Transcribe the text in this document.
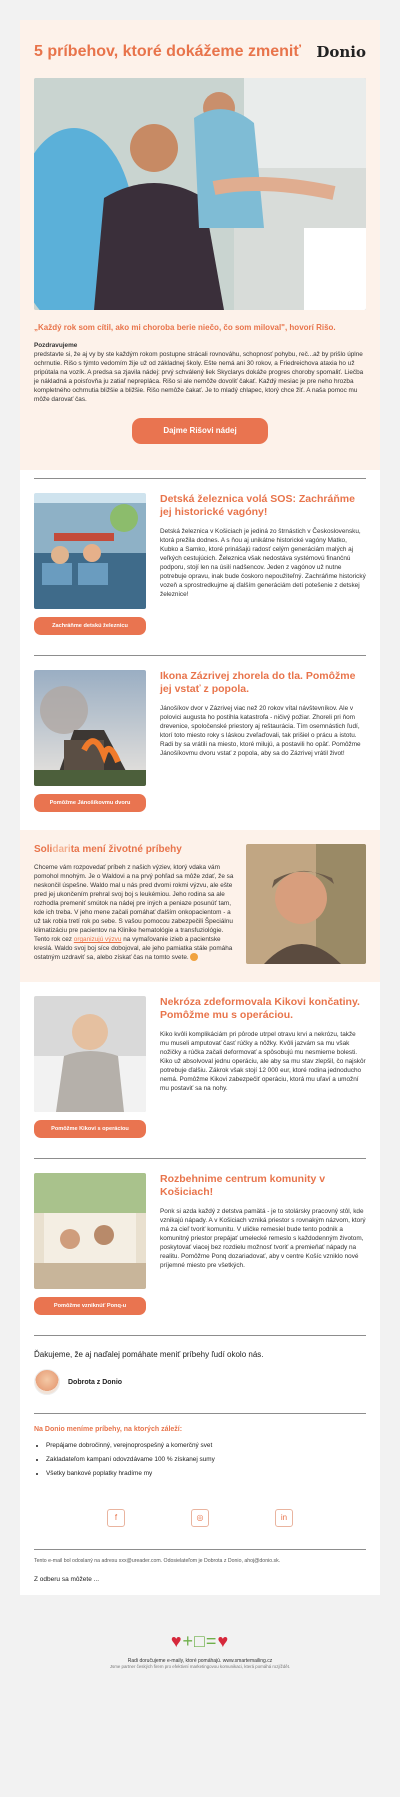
5 príbehov, ktoré dokážeme zmeniť Donio

„Každý rok som cítil, ako mi choroba berie niečo, čo som miloval", hovorí Rišo.

Pozdravujeme
predstavte si, že aj vy by ste každým rokom postupne strácali rovnováhu, schopnosť pohybu, reč...až by prišlo úplne ochrnutie. Rišo s týmto vedomím žije už od základnej školy. Ešte nemá ani 30 rokov, a Friedreichova ataxia ho už pripútala na vozík. A predsa sa zjavila nádej: prvý schválený liek Skyclarys dokáže progres choroby spomaliť. Liečba je nákladná a poisťovňa ju zatiaľ neprepláca. Rišo si ale nemôže dovoliť čakať. Každý mesiac je pre neho hrozba kompletného ochrnutia bližšie a bližšie. Rišo nemôže čakať. Je to mladý chlapec, ktorý chce žiť. A naša pomoc mu môže darovať čas.
Dajme Rišovi nádej
Zachráňme detskú železnicu
Detská železnica volá SOS: Zachráňme jej historické vagóny!
Detská železnica v Košiciach je jediná zo štrnástich v Československu, ktorá prežila dodnes. A s ňou aj unikátne historické vagóny Matko, Kubko a Samko, ktoré prinášajú radosť celým generáciám malých aj veľkých cestujúcich. Železnica však nedostáva systémovú finančnú podporu, stojí len na úsilí nadšencov. Jeden z vagónov už nutne potrebuje opravu, inak bude čoskoro nepoužiteľný. Zachráňme historický vozeň a sprostredkujme aj ďalším generáciám detí potešenie z detskej železnice!
Pomôžme Jánošíkovmu dvoru
Ikona Zázrivej zhorela do tla. Pomôžme jej vstať z popola.
Jánošíkov dvor v Zázrivej viac než 20 rokov vítal návštevníkov. Ale v polovici augusta ho postihla katastrofa - ničivý požiar. Zhoreli pri ňom drevenice, spoločenské priestory aj reštaurácia. Tím osemnástich ľudí, ktorí toto miesto roky s láskou zveľaďovali, tak prišiel o prácu a istotu. Radi by sa vrátili na miesto, ktoré milujú, a postavili ho opäť. Pomôžme Jánošíkovmu dvoru vstať z popola, aby sa do Zázrivej vrátil život!
Solidarita mení životné príbehy
Chceme vám rozpovedať príbeh z našich výziev, ktorý vdaka vám pomohol mnohým. Je o Waldovi a na prvý pohľad sa môže zdať, že sa neskončil úspešne. Waldo mal u nás pred dvomi rokmi výzvu, ale ešte pred jej ukončením prehral svoj boj s leukémiou. Jeho rodina sa ale rozhodla premeniť smútok na nádej pre iných a peniaze posunúť tam, kde ich treba. V jeho mene začali pomáhať ďalším onkopacientom - a už tak robia tretí rok po sebe. S vašou pomocou zabezpečili Špeciálnu klimatizáciu pre pacientov na Klinike hematológie a transfuziológie. Tento rok cez organizujú výzvu na vymaľovanie izieb a pacientske kreslá. Waldo svoj boj síce dobojoval, ale jeho pamiatka stále pomáha ostatným uzdraviť sa, alebo získať čas na tomto svete.
Pomôžme Kikovi s operáciou
Nekróza zdeformovala Kikovi končatiny. Pomôžme mu s operáciou.
Kiko kvôli komplikáciám pri pôrode utrpel otravu krvi a nekrózu, takže mu museli amputovať časť rúčky a nôžky. Kvôli jazvám sa mu však nožičky a rúčka začali deformovať a spôsobujú mu nesmierne bolesti. Kiko už absolvoval jednu operáciu, ale aby sa mu stav zlepšil, čo najskôr potrebuje ďalšiu. Zákrok však stojí 12 000 eur, ktoré rodina jednoducho nemá. Pomôžme Kikovi zabezpečiť operáciu, ktorá mu uľaví a umožní mu postaviť sa na nohy.
Pomôžme vzniknúť Ponq-u
Rozbehnime centrum komunity v Košiciach!
Ponk si azda každý z detstva pamätá - je to stolársky pracovný stôl, kde vznikajú nápady. A v Košiciach vzniká priestor s rovnakým názvom, ktorý má za cieľ tvoriť komunitu. V uličke remesiel bude tento podnik a komunitný priestor prepájať umelecké remeslo s každodenným životom, poskytovať viacej bez rozdielu možnosť tvoriť a premieňať nápady na realitu. Pomôžme Ponq dozariadovať, aby v centre Košíc vzniklo nové príjemné miesto pre všetkých.
Ďakujeme, že aj naďalej pomáhate meniť príbehy ľudí okolo nás.
Dobrota z Donio
Na Donio meníme príbehy, na ktorých záleží:
• Prepájame dobročinný, verejnoprospešný a komerčný svet
• Zakladateľom kampaní odovzdávame 100 % získanej sumy
• Všetky bankové poplatky hradíme my
f	◎	in
Tento e-mail bol odoslaný na adresu xxx@ureader.com. Odosielateľom je Dobrota z Donio, ahoj@donio.sk.
Z odberu sa môžete ...
♥+□=♥
Radi doručujeme e-maily, ktoré pomáhajú. www.smartemailing.cz
Jsme partner českých firem pro efektivní marketingovou komunikaci, která pomáhá rozjíždět.
